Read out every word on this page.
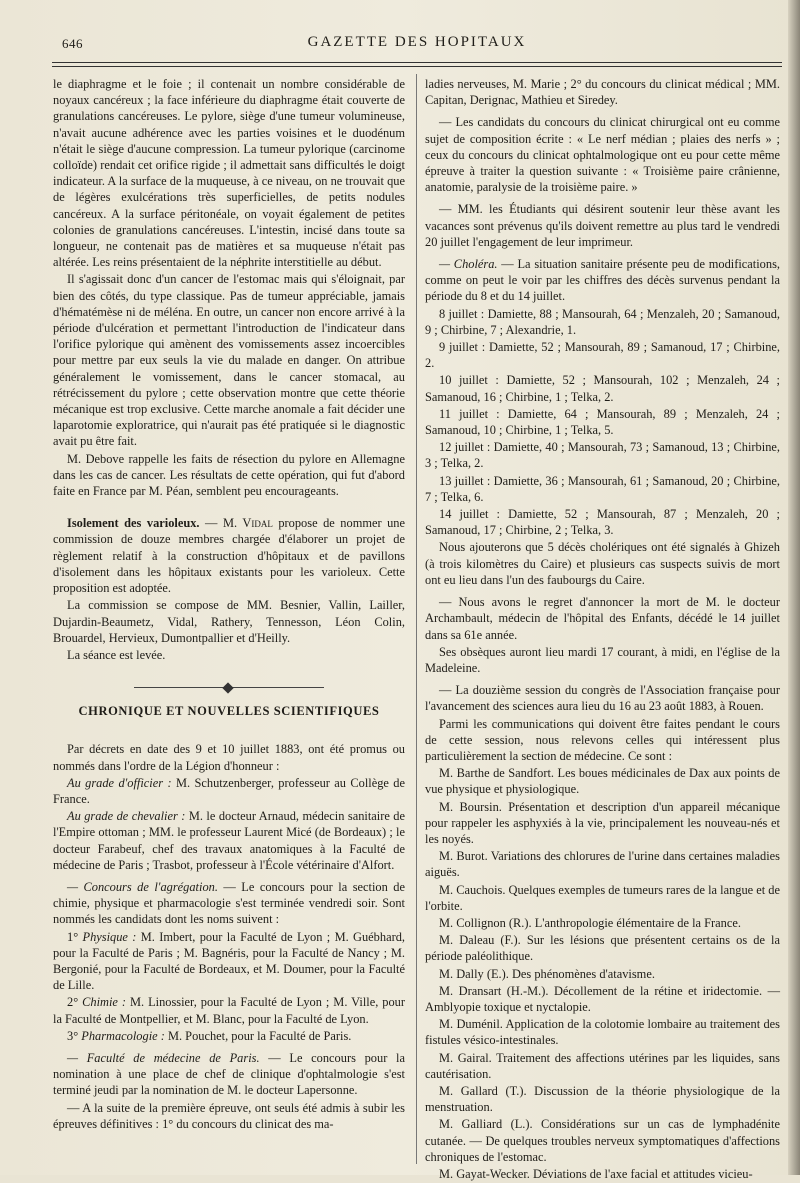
646	GAZETTE DES HOPITAUX

le diaphragme et le foie ; il contenait un nombre considérable de noyaux cancéreux ; la face inférieure du diaphragme était couverte de granulations cancéreuses. Le pylore, siège d'une tumeur volumineuse, n'avait aucune adhérence avec les parties voisines et le duodénum n'était le siège d'aucune compression. La tumeur pylorique (carcinome colloïde) rendait cet orifice rigide ; il admettait sans difficultés le doigt indicateur. A la surface de la muqueuse, à ce niveau, on ne trouvait que de légères exulcérations très superficielles, de petits nodules cancéreux. A la surface péritonéale, on voyait également de petites colonies de granulations cancéreuses. L'intestin, incisé dans toute sa longueur, ne contenait pas de matières et sa muqueuse n'était pas altérée. Les reins présentaient de la néphrite interstitielle au début.

Il s'agissait donc d'un cancer de l'estomac mais qui s'éloignait, par bien des côtés, du type classique. Pas de tumeur appréciable, jamais d'hématémèse ni de méléna. En outre, un cancer non encore arrivé à la période d'ulcération et permettant l'introduction de l'indicateur dans l'orifice pylorique qui amènent des vomissements assez incoercibles pour mettre par eux seuls la vie du malade en danger. On attribue généralement le vomissement, dans le cancer stomacal, au rétrécissement du pylore ; cette observation montre que cette théorie mécanique est trop exclusive. Cette marche anomale a fait décider une laparotomie exploratrice, qui n'aurait pas été pratiquée si le diagnostic avait pu être fait.

M. Debove rappelle les faits de résection du pylore en Allemagne dans les cas de cancer. Les résultats de cette opération, qui fut d'abord faite en France par M. Péan, semblent peu encourageants.

Isolement des varioleux. — M. Vidal propose de nommer une commission de douze membres chargée d'élaborer un projet de règlement relatif à la construction d'hôpitaux et de pavillons d'isolement dans les hôpitaux existants pour les varioleux. Cette proposition est adoptée.

La commission se compose de MM. Besnier, Vallin, Lailler, Dujardin-Beaumetz, Vidal, Rathery, Tennesson, Léon Colin, Brouardel, Hervieux, Dumontpallier et d'Heilly.

La séance est levée.

CHRONIQUE ET NOUVELLES SCIENTIFIQUES

Par décrets en date des 9 et 10 juillet 1883, ont été promus ou nommés dans l'ordre de la Légion d'honneur :

Au grade d'officier : M. Schutzenberger, professeur au Collège de France.

Au grade de chevalier : M. le docteur Arnaud, médecin sanitaire de l'Empire ottoman ; MM. le professeur Laurent Micé (de Bordeaux) ; le docteur Farabeuf, chef des travaux anatomiques à la Faculté de médecine de Paris ; Trasbot, professeur à l'École vétérinaire d'Alfort.

— Concours de l'agrégation. — Le concours pour la section de chimie, physique et pharmacologie s'est terminée vendredi soir. Sont nommés les candidats dont les noms suivent :

1° Physique : M. Imbert, pour la Faculté de Lyon ; M. Guébhard, pour la Faculté de Paris ; M. Bagnéris, pour la Faculté de Nancy ; M. Bergonié, pour la Faculté de Bordeaux, et M. Doumer, pour la Faculté de Lille.

2° Chimie : M. Linossier, pour la Faculté de Lyon ; M. Ville, pour la Faculté de Montpellier, et M. Blanc, pour la Faculté de Lyon.

3° Pharmacologie : M. Pouchet, pour la Faculté de Paris.

— Faculté de médecine de Paris. — Le concours pour la nomination à une place de chef de clinique d'ophtalmologie s'est terminé jeudi par la nomination de M. le docteur Lapersonne.

— A la suite de la première épreuve, ont seuls été admis à subir les épreuves définitives : 1° du concours du clinicat des ma-

ladies nerveuses, M. Marie ; 2° du concours du clinicat médical ; MM. Capitan, Derignac, Mathieu et Siredey.

— Les candidats du concours du clinicat chirurgical ont eu comme sujet de composition écrite : « Le nerf médian ; plaies des nerfs » ; ceux du concours du clinicat ophtalmologique ont eu pour cette même épreuve à traiter la question suivante : « Troisième paire crânienne, anatomie, paralysie de la troisième paire. »

— MM. les Étudiants qui désirent soutenir leur thèse avant les vacances sont prévenus qu'ils doivent remettre au plus tard le vendredi 20 juillet l'engagement de leur imprimeur.

— Choléra. — La situation sanitaire présente peu de modifications, comme on peut le voir par les chiffres des décès survenus pendant la période du 8 et du 14 juillet.

8 juillet : Damiette, 88 ; Mansourah, 64 ; Menzaleh, 20 ; Samanoud, 9 ; Chirbine, 7 ; Alexandrie, 1.

9 juillet : Damiette, 52 ; Mansourah, 89 ; Samanoud, 17 ; Chirbine, 2.

10 juillet : Damiette, 52 ; Mansourah, 102 ; Menzaleh, 24 ; Samanoud, 16 ; Chirbine, 1 ; Telka, 2.

11 juillet : Damiette, 64 ; Mansourah, 89 ; Menzaleh, 24 ; Samanoud, 10 ; Chirbine, 1 ; Telka, 5.

12 juillet : Damiette, 40 ; Mansourah, 73 ; Samanoud, 13 ; Chirbine, 3 ; Telka, 2.

13 juillet : Damiette, 36 ; Mansourah, 61 ; Samanoud, 20 ; Chirbine, 7 ; Telka, 6.

14 juillet : Damiette, 52 ; Mansourah, 87 ; Menzaleh, 20 ; Samanoud, 17 ; Chirbine, 2 ; Telka, 3.

Nous ajouterons que 5 décès cholériques ont été signalés à Ghizeh (à trois kilomètres du Caire) et plusieurs cas suspects suivis de mort ont eu lieu dans l'un des faubourgs du Caire.

— Nous avons le regret d'annoncer la mort de M. le docteur Archambault, médecin de l'hôpital des Enfants, décédé le 14 juillet dans sa 61e année.

Ses obsèques auront lieu mardi 17 courant, à midi, en l'église de la Madeleine.

— La douzième session du congrès de l'Association française pour l'avancement des sciences aura lieu du 16 au 23 août 1883, à Rouen.

Parmi les communications qui doivent être faites pendant le cours de cette session, nous relevons celles qui intéressent plus particulièrement la section de médecine. Ce sont :

M. Barthe de Sandfort. Les boues médicinales de Dax aux points de vue physique et physiologique.

M. Boursin. Présentation et description d'un appareil mécanique pour rappeler les asphyxiés à la vie, principalement les nouveau-nés et les noyés.

M. Burot. Variations des chlorures de l'urine dans certaines maladies aiguës.

M. Cauchois. Quelques exemples de tumeurs rares de la langue et de l'orbite.

M. Collignon (R.). L'anthropologie élémentaire de la France.

M. Daleau (F.). Sur les lésions que présentent certains os de la période paléolithique.

M. Dally (E.). Des phénomènes d'atavisme.

M. Dransart (H.-M.). Décollement de la rétine et iridectomie. — Amblyopie toxique et nyctalopie.

M. Duménil. Application de la colotomie lombaire au traitement des fistules vésico-intestinales.

M. Gairal. Traitement des affections utérines par les liquides, sans cautérisation.

M. Gallard (T.). Discussion de la théorie physiologique de la menstruation.

M. Galliard (L.). Considérations sur un cas de lymphadénite cutanée. — De quelques troubles nerveux symptomatiques d'affections chroniques de l'estomac.

M. Gayat-Wecker. Déviations de l'axe facial et attitudes vicieu-
